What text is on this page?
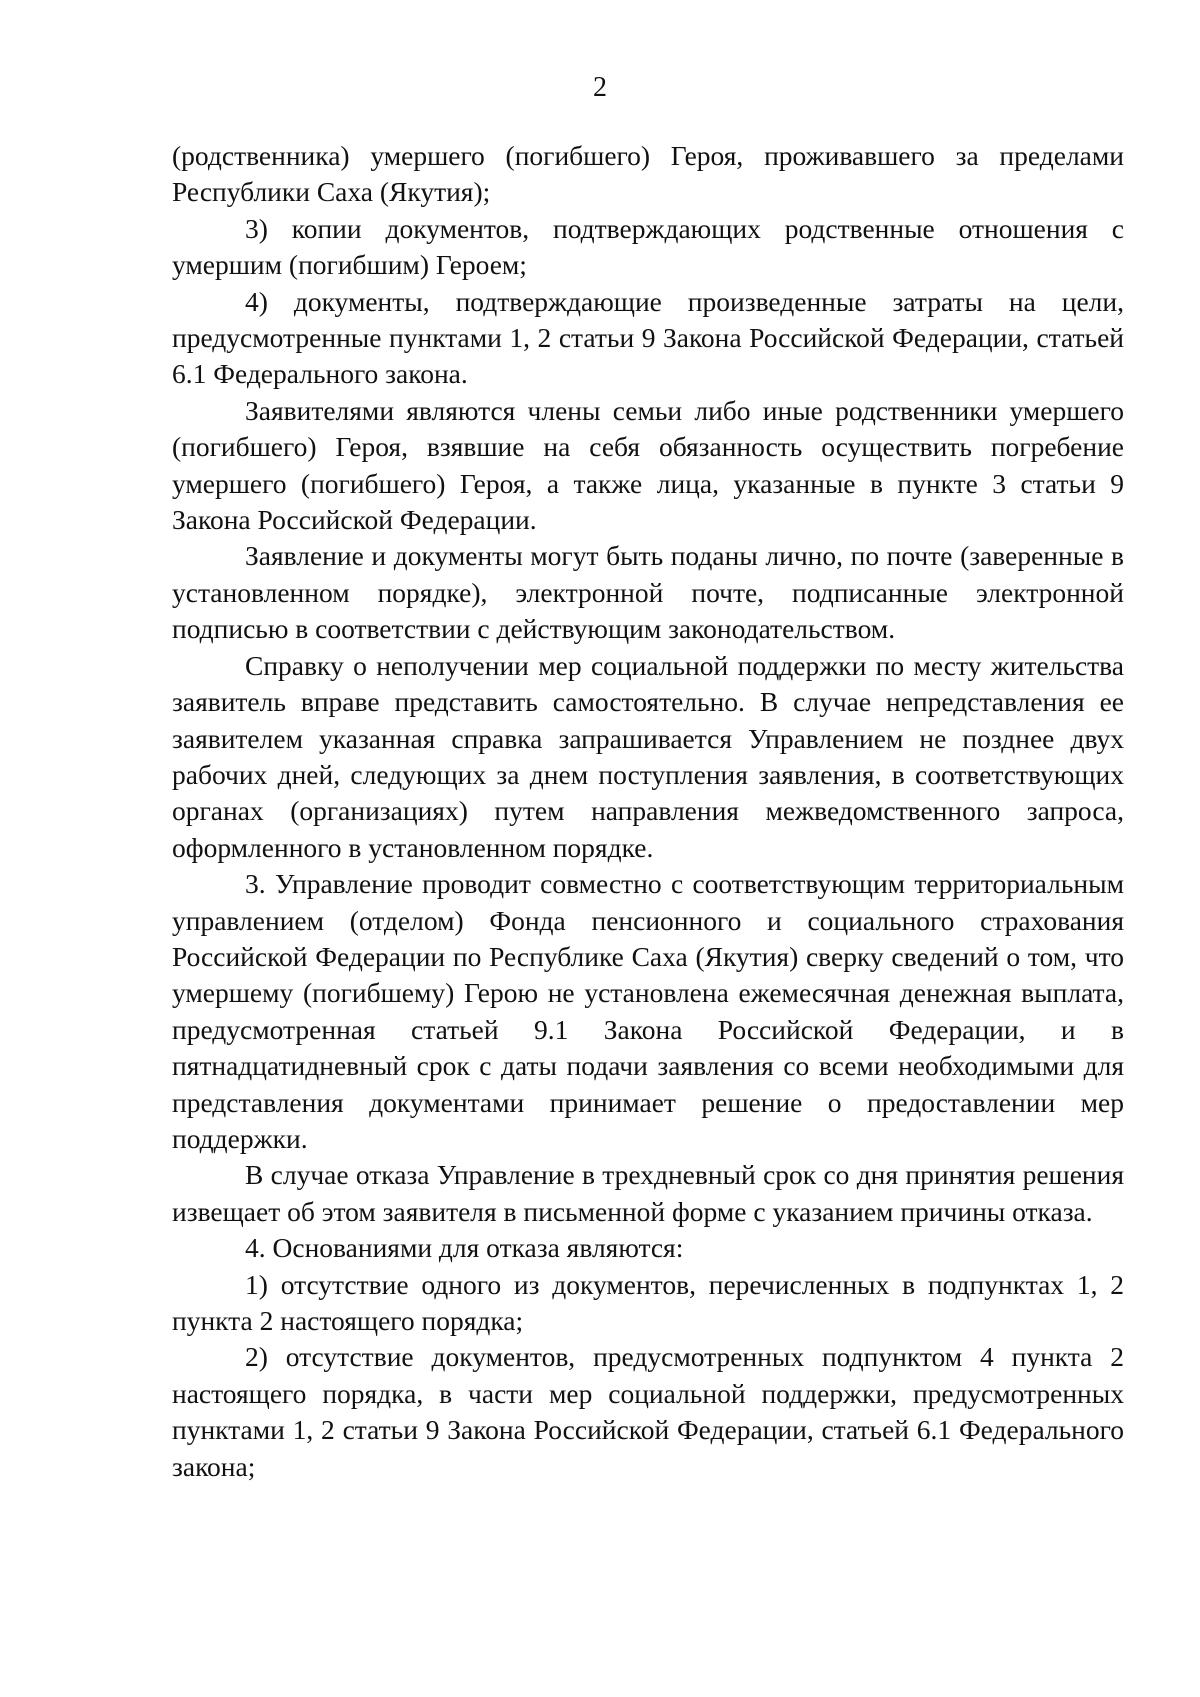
2

(родственника) умершего (погибшего) Героя, проживавшего за пределами Республики Саха (Якутия);

3) копии документов, подтверждающих родственные отношения с умершим (погибшим) Героем;

4) документы, подтверждающие произведенные затраты на цели, предусмотренные пунктами 1, 2 статьи 9 Закона Российской Федерации, статьей 6.1 Федерального закона.

Заявителями являются члены семьи либо иные родственники умершего (погибшего) Героя, взявшие на себя обязанность осуществить погребение умершего (погибшего) Героя, а также лица, указанные в пункте 3 статьи 9 Закона Российской Федерации.

Заявление и документы могут быть поданы лично, по почте (заверенные в установленном порядке), электронной почте, подписанные электронной подписью в соответствии с действующим законодательством.

Справку о неполучении мер социальной поддержки по месту жительства заявитель вправе представить самостоятельно. В случае непредставления ее заявителем указанная справка запрашивается Управлением не позднее двух рабочих дней, следующих за днем поступления заявления, в соответствующих органах (организациях) путем направления межведомственного запроса, оформленного в установленном порядке.

3. Управление проводит совместно с соответствующим территориальным управлением (отделом) Фонда пенсионного и социального страхования Российской Федерации по Республике Саха (Якутия) сверку сведений о том, что умершему (погибшему) Герою не установлена ежемесячная денежная выплата, предусмотренная статьей 9.1 Закона Российской Федерации, и в пятнадцатидневный срок с даты подачи заявления со всеми необходимыми для представления документами принимает решение о предоставлении мер поддержки.

В случае отказа Управление в трехдневный срок со дня принятия решения извещает об этом заявителя в письменной форме с указанием причины отказа.

4. Основаниями для отказа являются:

1) отсутствие одного из документов, перечисленных в подпунктах 1, 2 пункта 2 настоящего порядка;

2) отсутствие документов, предусмотренных подпунктом 4 пункта 2 настоящего порядка, в части мер социальной поддержки, предусмотренных пунктами 1, 2 статьи 9 Закона Российской Федерации, статьей 6.1 Федерального закона;
